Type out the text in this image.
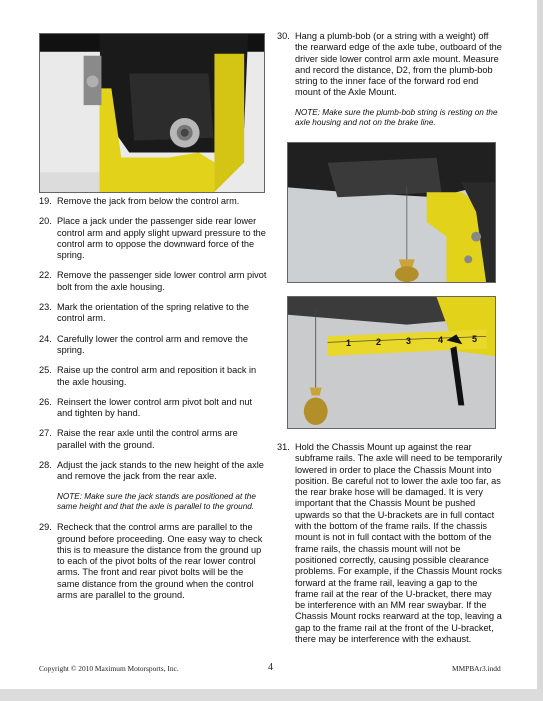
1	2	3	4	5
19. Remove the jack from below the control arm.
20. Place a jack under the passenger side rear lower control arm and apply slight upward pressure to the control arm to oppose the downward force of the spring.
22. Remove the passenger side lower control arm pivot bolt from the axle housing.
23. Mark the orientation of the spring relative to the control arm.
24. Carefully lower the control arm and remove the spring.
25. Raise up the control arm and reposition it back in the axle housing.
26. Reinsert the lower control arm pivot bolt and nut and tighten by hand.
27. Raise the rear axle until the control arms are parallel with the ground.
28. Adjust the jack stands to the new height of the axle and remove the jack from the rear axle.
NOTE: Make sure the jack stands are positioned at the same height and that the axle is parallel to the ground.
29. Recheck that the control arms are parallel to the ground before proceeding. One easy way to check this is to measure the distance from the ground up to each of the pivot bolts of the rear lower control arms. The front and rear pivot bolts will be the same distance from the ground when the control arms are parallel to the ground.
30. Hang a plumb-bob (or a string with a weight) off the rearward edge of the axle tube, outboard of the driver side lower control arm axle mount. Measure and record the distance, D2, from the plumb-bob string to the inner face of the forward rod end mount of the Axle Mount.
NOTE: Make sure the plumb-bob string is resting on the axle housing and not on the brake line.
31. Hold the Chassis Mount up against the rear subframe rails. The axle will need to be temporarily lowered in order to place the Chassis Mount into position. Be careful not to lower the axle too far, as the rear brake hose will be damaged. It is very important that the Chassis Mount be pushed upwards so that the U-brackets are in full contact with the bottom of the frame rails. If the chassis mount is not in full contact with the bottom of the frame rails, the chassis mount will not be positioned correctly, causing possible clearance problems. For example, if the Chassis Mount rocks forward at the frame rail, leaving a gap to the frame rail at the rear of the U-bracket, there may be interference with an MM rear swaybar. If the Chassis Mount rocks rearward at the top, leaving a gap to the frame rail at the front of the U-bracket, there may be interference with the exhaust.
Copyright © 2010 Maximum Motorsports, Inc.	4	MMPBAr3.indd
